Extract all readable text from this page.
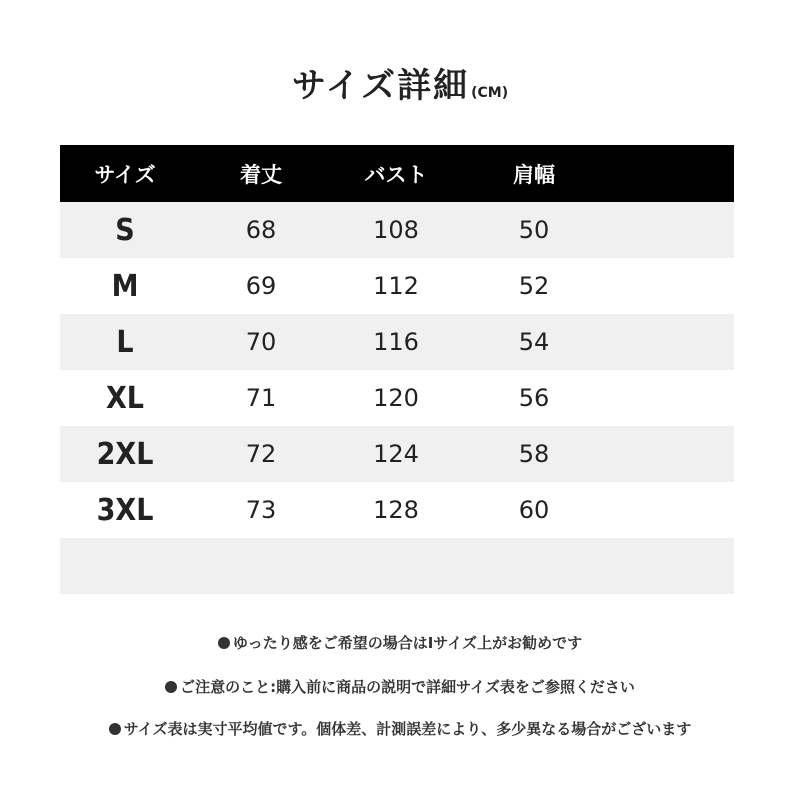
サイズ詳細 (CM)
サイズ	着丈	バスト	肩幅
S	68	108	50
M	69	112	52
L	70	116	54
XL	71	120	56
2XL	72	124	58
3XL	73	128	60
ゆったり感をご希望の場合はIサイズ上がお勧めです
ご注意のこと:購入前に商品の説明で詳細サイズ表をご参照ください
サイズ表は実寸平均値です。個体差、計測誤差により、多少異なる場合がございます
